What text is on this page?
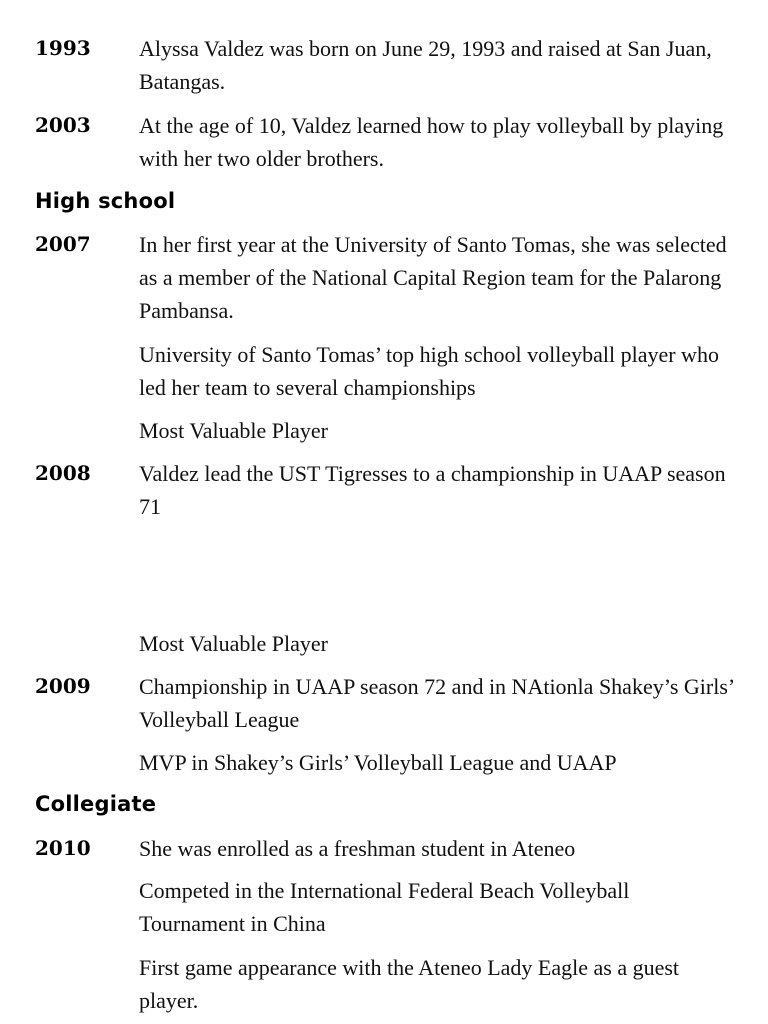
1993 Alyssa Valdez was born on June 29, 1993 and raised at San Juan, Batangas.
2003 At the age of 10, Valdez learned how to play volleyball by playing with her two older brothers.
High school
2007 In her first year at the University of Santo Tomas, she was selected as a member of the National Capital Region team for the Palarong Pambansa.
University of Santo Tomas’ top high school volleyball player who led her team to several championships
Most Valuable Player
2008 Valdez lead the UST Tigresses to a championship in UAAP season 71
Most Valuable Player
2009 Championship in UAAP season 72 and in NAtionla Shakey’s Girls’ Volleyball League
MVP in Shakey’s Girls’ Volleyball League and UAAP
Collegiate
2010 She was enrolled as a freshman student in Ateneo
Competed in the International Federal Beach Volleyball Tournament in China
First game appearance with the Ateneo Lady Eagle as a guest player.
